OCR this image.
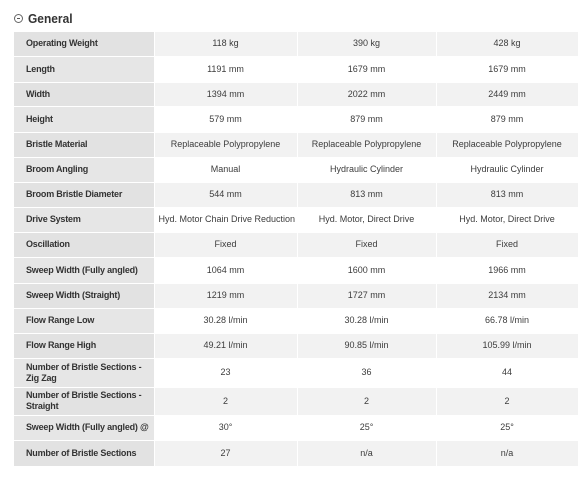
General
Operating Weight	118 kg	390 kg	428 kg
Length	1191 mm	1679 mm	1679 mm
Width	1394 mm	2022 mm	2449 mm
Height	579 mm	879 mm	879 mm
Bristle Material	Replaceable Polypropylene	Replaceable Polypropylene	Replaceable Polypropylene
Broom Angling	Manual	Hydraulic Cylinder	Hydraulic Cylinder
Broom Bristle Diameter	544 mm	813 mm	813 mm
Drive System	Hyd. Motor Chain Drive Reduction	Hyd. Motor, Direct Drive	Hyd. Motor, Direct Drive
Oscillation	Fixed	Fixed	Fixed
Sweep Width (Fully angled)	1064 mm	1600 mm	1966 mm
Sweep Width (Straight)	1219 mm	1727 mm	2134 mm
Flow Range Low	30.28 l/min	30.28 l/min	66.78 l/min
Flow Range High	49.21 l/min	90.85 l/min	105.99 l/min
Number of Bristle Sections - Zig Zag	23	36	44
Number of Bristle Sections - Straight	2	2	2
Sweep Width (Fully angled) @	30°	25°	25°
Number of Bristle Sections	27	n/a	n/a
